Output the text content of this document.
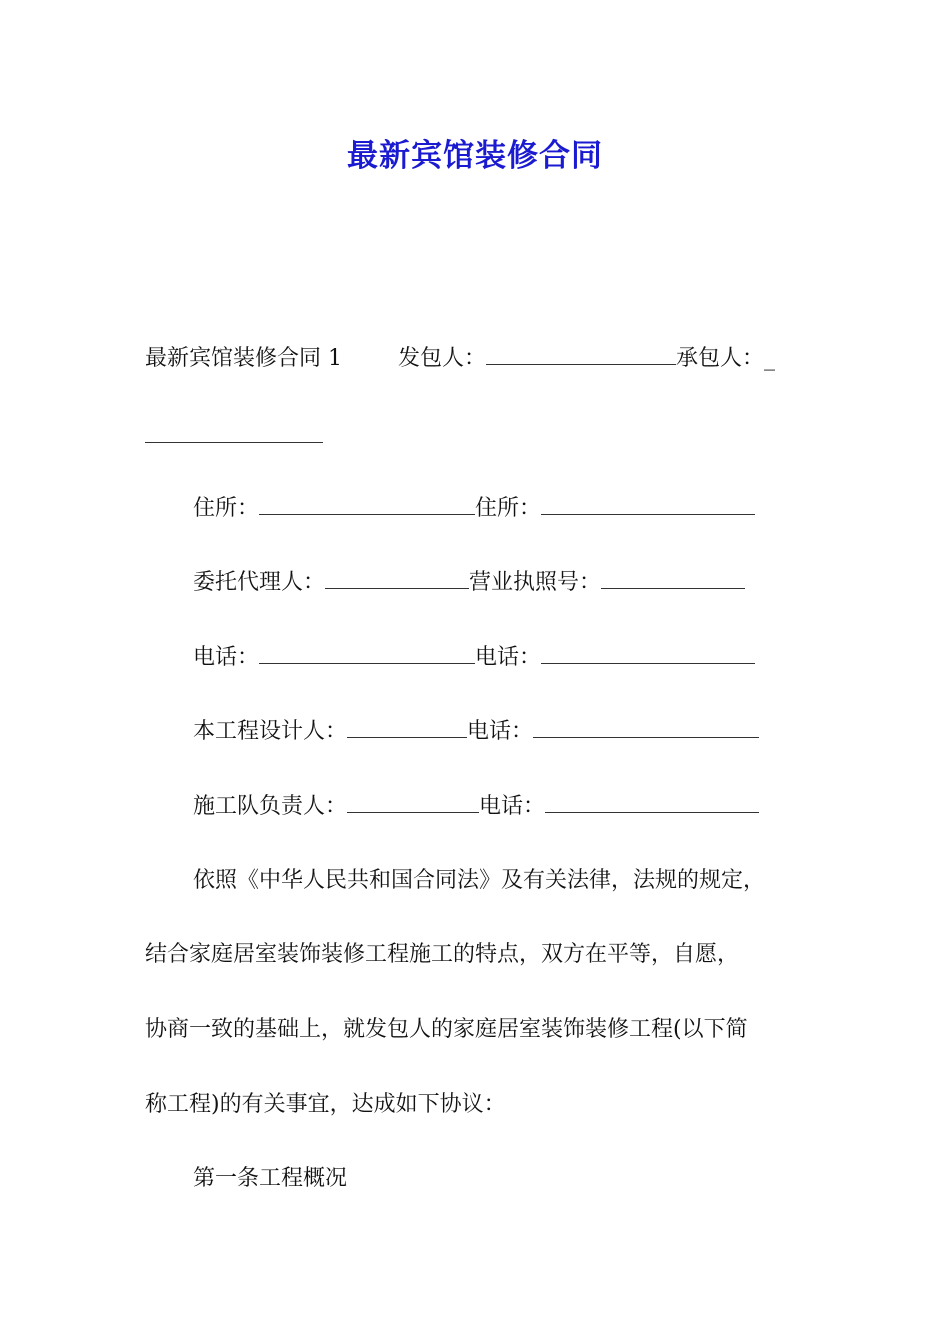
最新宾馆装修合同
最新宾馆装修合同 1	发包人：	承包人：_
住所：	住所：
委托代理人：	营业执照号：
电话：	电话：
本工程设计人：	电话：
施工队负责人：	电话：
依照《中华人民共和国合同法》及有关法律，法规的规定，
结合家庭居室装饰装修工程施工的特点，双方在平等，自愿，
协商一致的基础上，就发包人的家庭居室装饰装修工程(以下简
称工程)的有关事宜，达成如下协议：
第一条工程概况
